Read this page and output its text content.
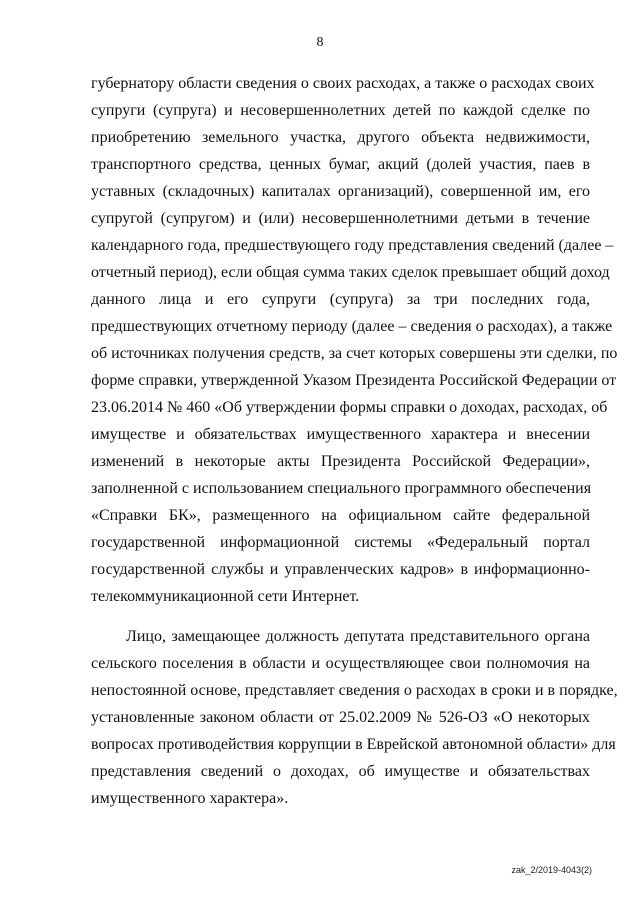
8
губернатору области сведения о своих расходах, а также о расходах своих
супруги (супруга) и несовершеннолетних детей по каждой сделке по
приобретению земельного участка, другого объекта недвижимости,
транспортного средства, ценных бумаг, акций (долей участия, паев в
уставных (складочных) капиталах организаций), совершенной им, его
супругой (супругом) и (или) несовершеннолетними детьми в течение
календарного года, предшествующего году представления сведений (далее –
отчетный период), если общая сумма таких сделок превышает общий доход
данного лица и его супруги (супруга) за три последних года,
предшествующих отчетному периоду (далее – сведения о расходах), а также
об источниках получения средств, за счет которых совершены эти сделки, по
форме справки, утвержденной Указом Президента Российской Федерации от
23.06.2014 № 460 «Об утверждении формы справки о доходах, расходах, об
имуществе и обязательствах имущественного характера и внесении
изменений в некоторые акты Президента Российской Федерации»,
заполненной с использованием специального программного обеспечения
«Справки БК», размещенного на официальном сайте федеральной
государственной информационной системы «Федеральный портал
государственной службы и управленческих кадров» в информационно-
телекоммуникационной сети Интернет.
Лицо, замещающее должность депутата представительного органа
сельского поселения в области и осуществляющее свои полномочия на
непостоянной основе, представляет сведения о расходах в сроки и в порядке,
установленные законом области от 25.02.2009 № 526-ОЗ «О некоторых
вопросах противодействия коррупции в Еврейской автономной области» для
представления сведений о доходах, об имуществе и обязательствах
имущественного характера».
zak_2/2019-4043(2)
